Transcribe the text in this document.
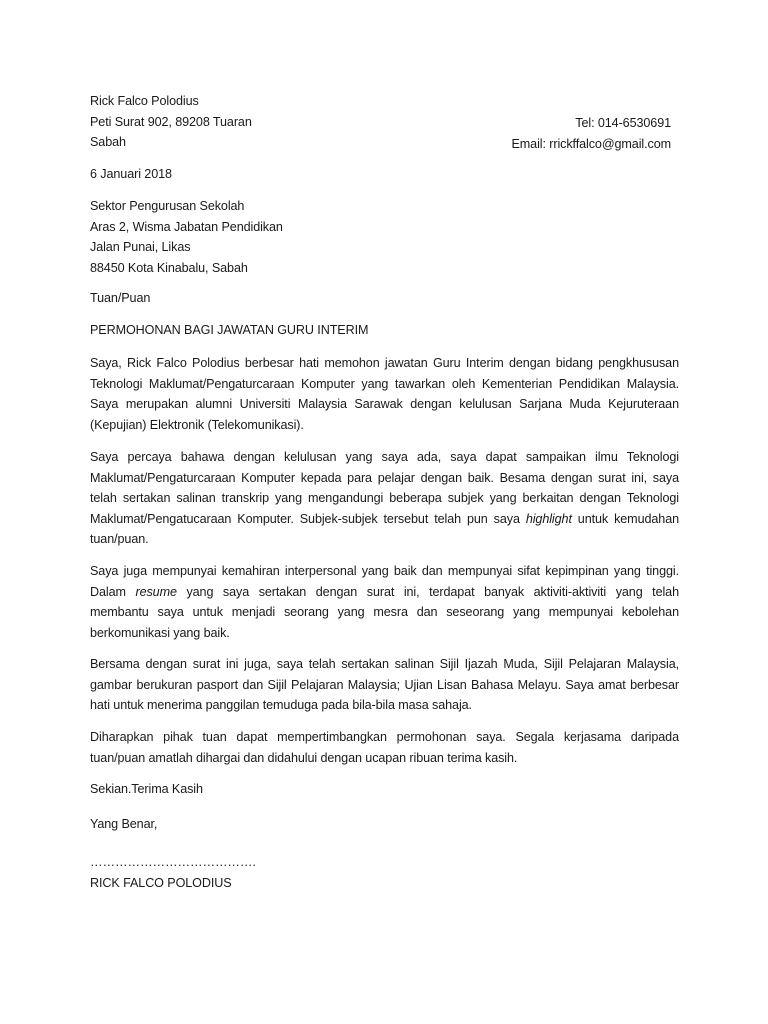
Rick Falco Polodius
Peti Surat 902, 89208 Tuaran
Sabah
Tel: 014-6530691
Email: rrickffalco@gmail.com
6 Januari 2018
Sektor Pengurusan Sekolah
Aras 2, Wisma Jabatan Pendidikan
Jalan Punai, Likas
88450 Kota Kinabalu, Sabah
Tuan/Puan
PERMOHONAN BAGI JAWATAN GURU INTERIM
Saya, Rick Falco Polodius berbesar hati memohon jawatan Guru Interim dengan bidang pengkhususan
Teknologi Maklumat/Pengaturcaraan Komputer yang tawarkan oleh Kementerian Pendidikan Malaysia.
Saya merupakan alumni Universiti Malaysia Sarawak dengan kelulusan Sarjana Muda Kejuruteraan
(Kepujian) Elektronik (Telekomunikasi).
Saya percaya bahawa dengan kelulusan yang saya ada, saya dapat sampaikan ilmu Teknologi
Maklumat/Pengaturcaraan Komputer kepada para pelajar dengan baik. Besama dengan surat ini, saya
telah sertakan salinan transkrip yang mengandungi beberapa subjek yang berkaitan dengan Teknologi
Maklumat/Pengatucaraan Komputer. Subjek-subjek tersebut telah pun saya highlight untuk kemudahan
tuan/puan.
Saya juga mempunyai kemahiran interpersonal yang baik dan mempunyai sifat kepimpinan yang tinggi.
Dalam resume yang saya sertakan dengan surat ini, terdapat banyak aktiviti-aktiviti yang telah
membantu saya untuk menjadi seorang yang mesra dan seseorang yang mempunyai kebolehan
berkomunikasi yang baik.
Bersama dengan surat ini juga, saya telah sertakan salinan Sijil Ijazah Muda, Sijil Pelajaran Malaysia,
gambar berukuran pasport dan Sijil Pelajaran Malaysia; Ujian Lisan Bahasa Melayu. Saya amat berbesar
hati untuk menerima panggilan temuduga pada bila-bila masa sahaja.
Diharapkan pihak tuan dapat mempertimbangkan permohonan saya. Segala kerjasama daripada
tuan/puan amatlah dihargai dan didahului dengan ucapan ribuan terima kasih.
Sekian.Terima Kasih
Yang Benar,
………………………………….
RICK FALCO POLODIUS
